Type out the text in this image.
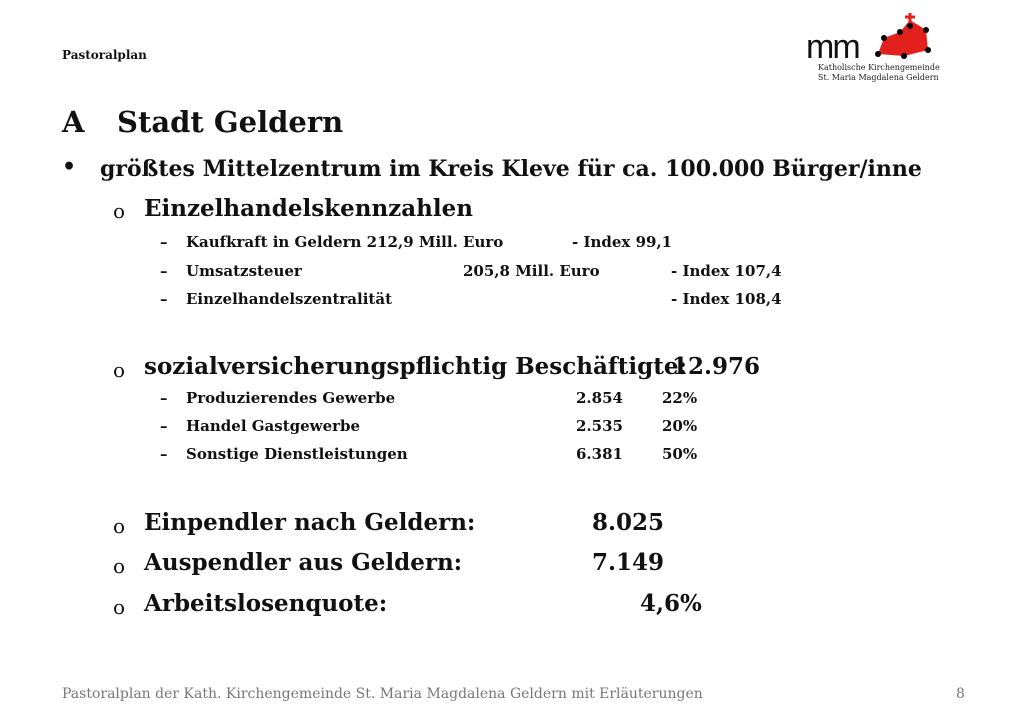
Pastoralplan	mm
Katholische Kirchengemeinde
St. Maria Magdalena Geldern
A Stadt Geldern
• größtes Mittelzentrum im Kreis Kleve für ca. 100.000 Bürger/inne
o Einzelhandelskennzahlen
– Kaufkraft in Geldern 212,9 Mill. Euro	- Index 99,1
– Umsatzsteuer	205,8 Mill. Euro	- Index 107,4
– Einzelhandelszentralität	- Index 108,4
o sozialversicherungspflichtig Beschäftigte:
12.976
– Produzierendes Gewerbe	2.854	22%
– Handel Gastgewerbe	2.535	20%
– Sonstige Dienstleistungen	6.381	50%
o Einpendler nach Geldern:	8.025
o Auspendler aus Geldern:	7.149
o Arbeitslosenquote:	4,6%
Pastoralplan der Kath. Kirchengemeinde St. Maria Magdalena Geldern mit Erläuterungen	8
